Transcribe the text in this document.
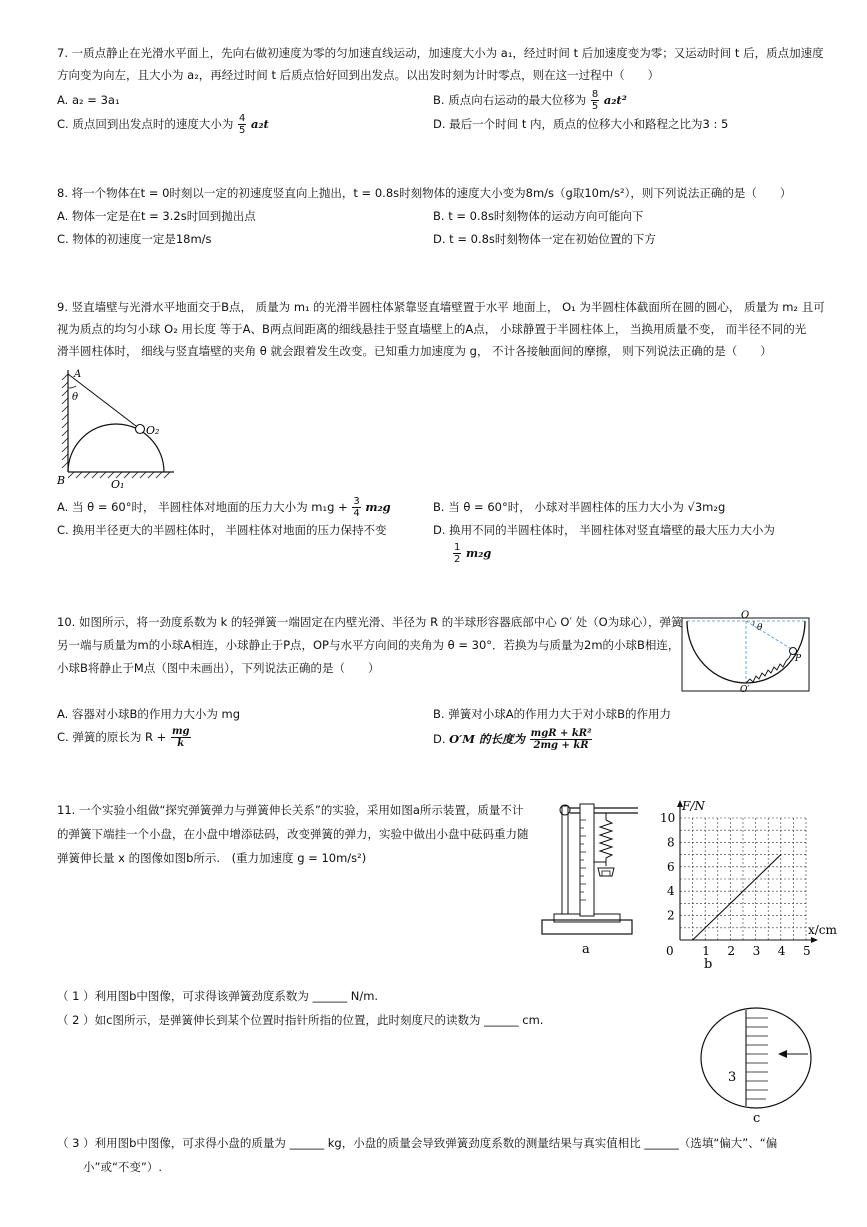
7. 一质点静止在光滑水平面上，先向右做初速度为零的匀加速直线运动，加速度大小为 a₁，经过时间 t 后加速度变为零；又运动时间 t 后，质点加速度
方向变为向左，且大小为 a₂，再经过时间 t 后质点恰好回到出发点。以出发时刻为计时零点，则在这一过程中（　　）
A. a₂ = 3a₁	B. 质点向右运动的最大位移为 $\frac{8}{5} a_2t^2$
C. 质点回到出发点时的速度大小为 $\frac{4}{5} a_2t$	D. 最后一个时间 t 内，质点的位移大小和路程之比为3 : 5
8. 将一个物体在t = 0时刻以一定的初速度竖直向上抛出，t = 0.8s时刻物体的速度大小变为8m/s（g取10m/s²），则下列说法正确的是（　　）
A. 物体一定是在t = 3.2s时回到抛出点	B. t = 0.8s时刻物体的运动方向可能向下
C. 物体的初速度一定是18m/s	D. t = 0.8s时刻物体一定在初始位置的下方
9. 竖直墙壁与光滑水平地面交于B点， 质量为 m₁ 的光滑半圆柱体紧靠竖直墙壁置于水平 地面上， O₁ 为半圆柱体截面所在圆的圆心， 质量为 m₂ 且可
视为质点的均匀小球 O₂ 用长度 等于A、B两点间距离的细线悬挂于竖直墙壁上的A点， 小球静置于半圆柱体上， 当换用质量不变， 而半径不同的光
滑半圆柱体时， 细线与竖直墙壁的夹角 θ 就会跟着发生改变。已知重力加速度为 g， 不计各接触面间的摩擦， 则下列说法正确的是（　　）
A
θ
O₂
B	O₁
A. 当 θ = 60°时， 半圆柱体对地面的压力大小为 $m_1g + \frac{3}{4} m_2g$	B. 当 θ = 60°时， 小球对半圆柱体的压力大小为 √3m₂g
C. 换用半径更大的半圆柱体时， 半圆柱体对地面的压力保持不变	D. 换用不同的半圆柱体时， 半圆柱体对竖直墙壁的最大压力大小为
$\frac{1}{2} m_2g$
10. 如图所示，将一劲度系数为 k 的轻弹簧一端固定在内壁光滑、半径为 R 的半球形容器底部中心 O′ 处（O为球心），弹簧
另一端与质量为m的小球A相连，小球静止于P点，OP与水平方向间的夹角为 θ = 30°．若换为与质量为2m的小球B相连，
小球B将静止于M点（图中未画出），下列说法正确的是（　　）
O
θ
P
O′
A. 容器对小球B的作用力大小为 mg	B. 弹簧对小球A的作用力大于对小球B的作用力
C. 弹簧的原长为 $R + \frac{mg}{k}$	D. O′M 的长度为 $\frac{\text{mgR + kR²}}{2mg + kR}$
11. 一个实验小组做“探究弹簧弹力与弹簧伸长关系”的实验，采用如图a所示装置，质量不计
的弹簧下端挂一个小盘，在小盘中增添砝码，改变弹簧的弹力，实验中做出小盘中砝码重力随
弹簧伸长量 x 的图像如图b所示.　(重力加速度 g = 10m/s²)
a
F/N
x/cm
0 1 2 3 4 5
2
4
6
8
10
b
（ 1 ）利用图b中图像，可求得该弹簧劲度系数为 ______ N/m.
（ 2 ）如c图所示，是弹簧伸长到某个位置时指针所指的位置，此时刻度尺的读数为 ______ cm.
3
c
（ 3 ）利用图b中图像，可求得小盘的质量为 ______ kg，小盘的质量会导致弹簧劲度系数的测量结果与真实值相比 ______（选填“偏大”、“偏
小”或“不变”）.
